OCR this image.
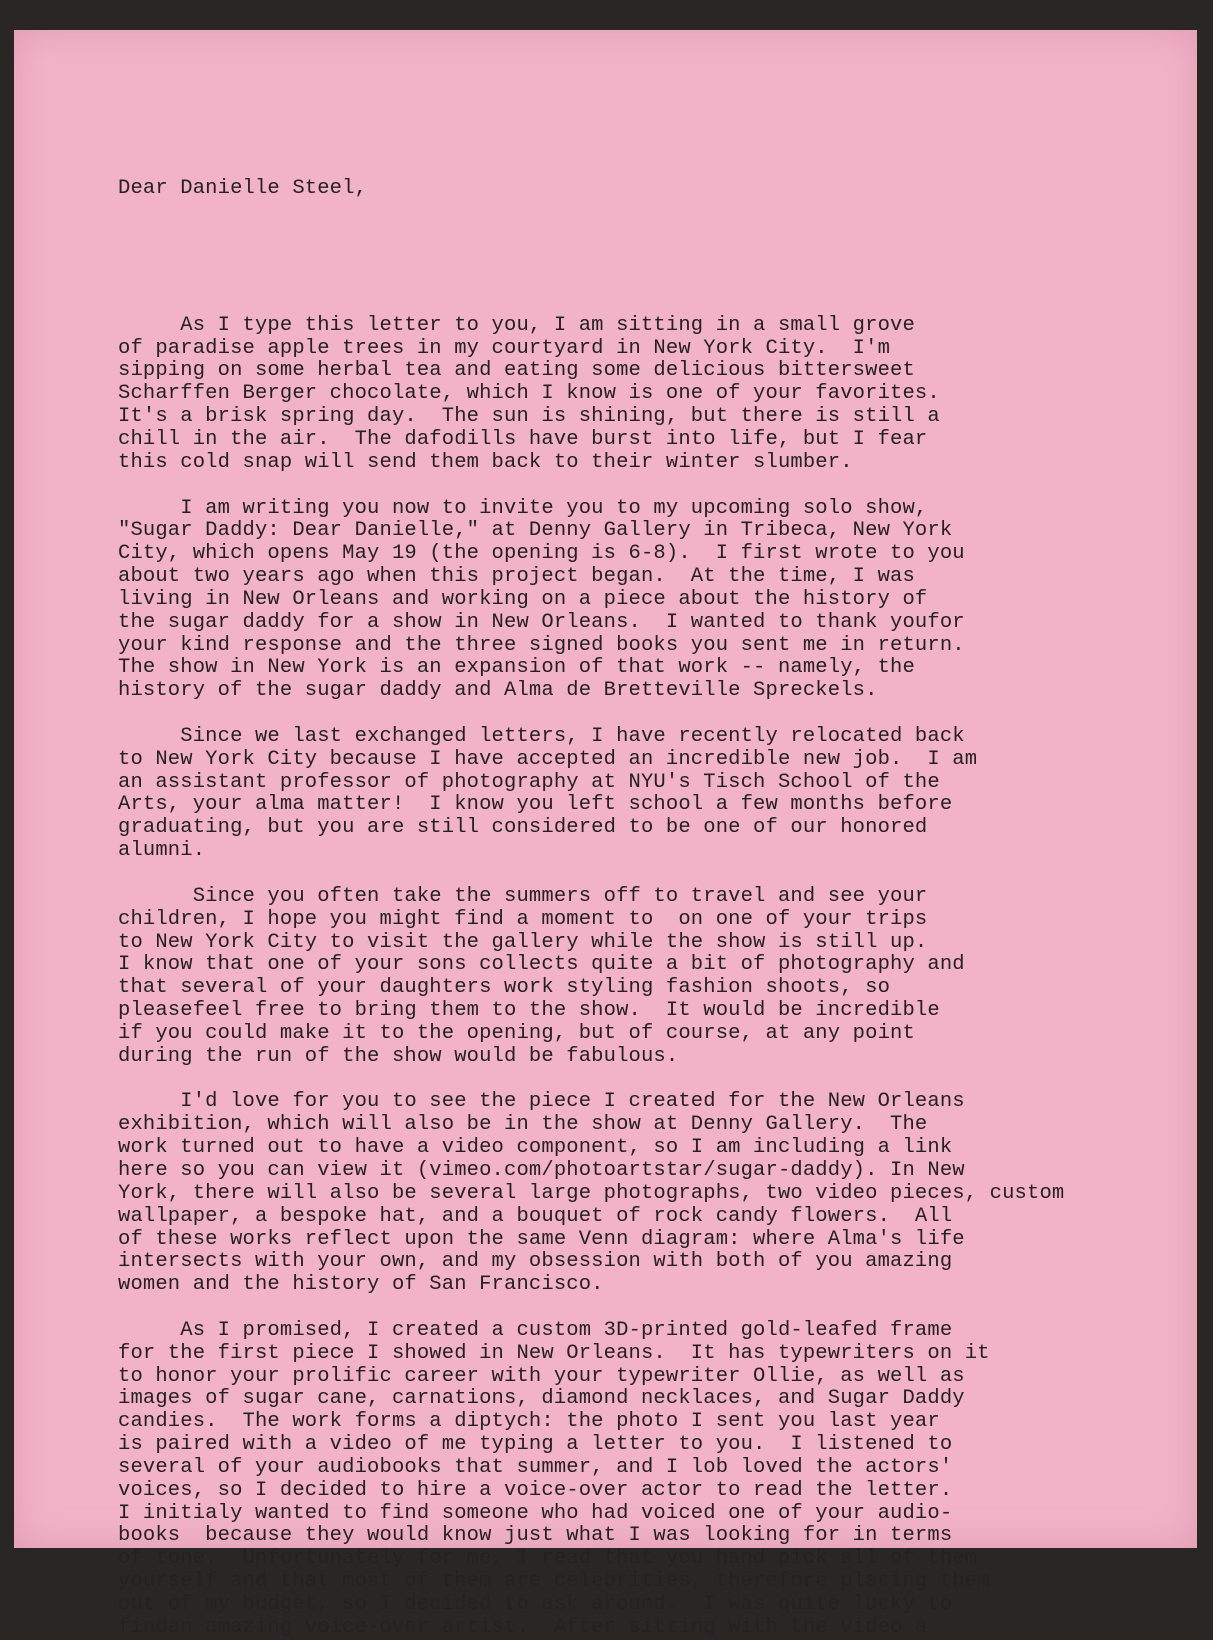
Dear Danielle Steel,

As I type this letter to you, I am sitting in a small grove
of paradise apple trees in my courtyard in New York City.  I'm
sipping on some herbal tea and eating some delicious bittersweet
Scharffen Berger chocolate, which I know is one of your favorites.
It's a brisk spring day.  The sun is shining, but there is still a
chill in the air.  The dafodills have burst into life, but I fear
this cold snap will send them back to their winter slumber.
I am writing you now to invite you to my upcoming solo show,
"Sugar Daddy: Dear Danielle," at Denny Gallery in Tribeca, New York
City, which opens May 19 (the opening is 6-8).  I first wrote to you
about two years ago when this project began.  At the time, I was
living in New Orleans and working on a piece about the history of
the sugar daddy for a show in New Orleans.  I wanted to thank youfor
your kind response and the three signed books you sent me in return.
The show in New York is an expansion of that work -- namely, the
history of the sugar daddy and Alma de Bretteville Spreckels.
Since we last exchanged letters, I have recently relocated back
to New York City because I have accepted an incredible new job.  I am
an assistant professor of photography at NYU's Tisch School of the
Arts, your alma matter!  I know you left school a few months before
graduating, but you are still considered to be one of our honored
alumni.
Since you often take the summers off to travel and see your
children, I hope you might find a moment to  on one of your trips
to New York City to visit the gallery while the show is still up.
I know that one of your sons collects quite a bit of photography and
that several of your daughters work styling fashion shoots, so
pleasefeel free to bring them to the show.  It would be incredible
if you could make it to the opening, but of course, at any point
during the run of the show would be fabulous.
I'd love for you to see the piece I created for the New Orleans
exhibition, which will also be in the show at Denny Gallery.  The
work turned out to have a video component, so I am including a link
here so you can view it (vimeo.com/photoartstar/sugar-daddy). In New
York, there will also be several large photographs, two video pieces, custom
wallpaper, a bespoke hat, and a bouquet of rock candy flowers.  All
of these works reflect upon the same Venn diagram: where Alma's life
intersects with your own, and my obsession with both of you amazing
women and the history of San Francisco.
As I promised, I created a custom 3D-printed gold-leafed frame
for the first piece I showed in New Orleans.  It has typewriters on it
to honor your prolific career with your typewriter Ollie, as well as
images of sugar cane, carnations, diamond necklaces, and Sugar Daddy
candies.  The work forms a diptych: the photo I sent you last year
is paired with a video of me typing a letter to you.  I listened to
several of your audiobooks that summer, and I lob loved the actors'
voices, so I decided to hire a voice-over actor to read the letter.
I initialy wanted to find someone who had voiced one of your audio-
books  because they would know just what I was looking for in terms
of tone.  Unfortunately for me, I read that you hand pick all of them
yourself and that most of them are celebrities, therefore placing them
out of my budget, so I decided to ask around.  I was quite lucky to
findan amazing voice-over artist.  After sitting with the video a
